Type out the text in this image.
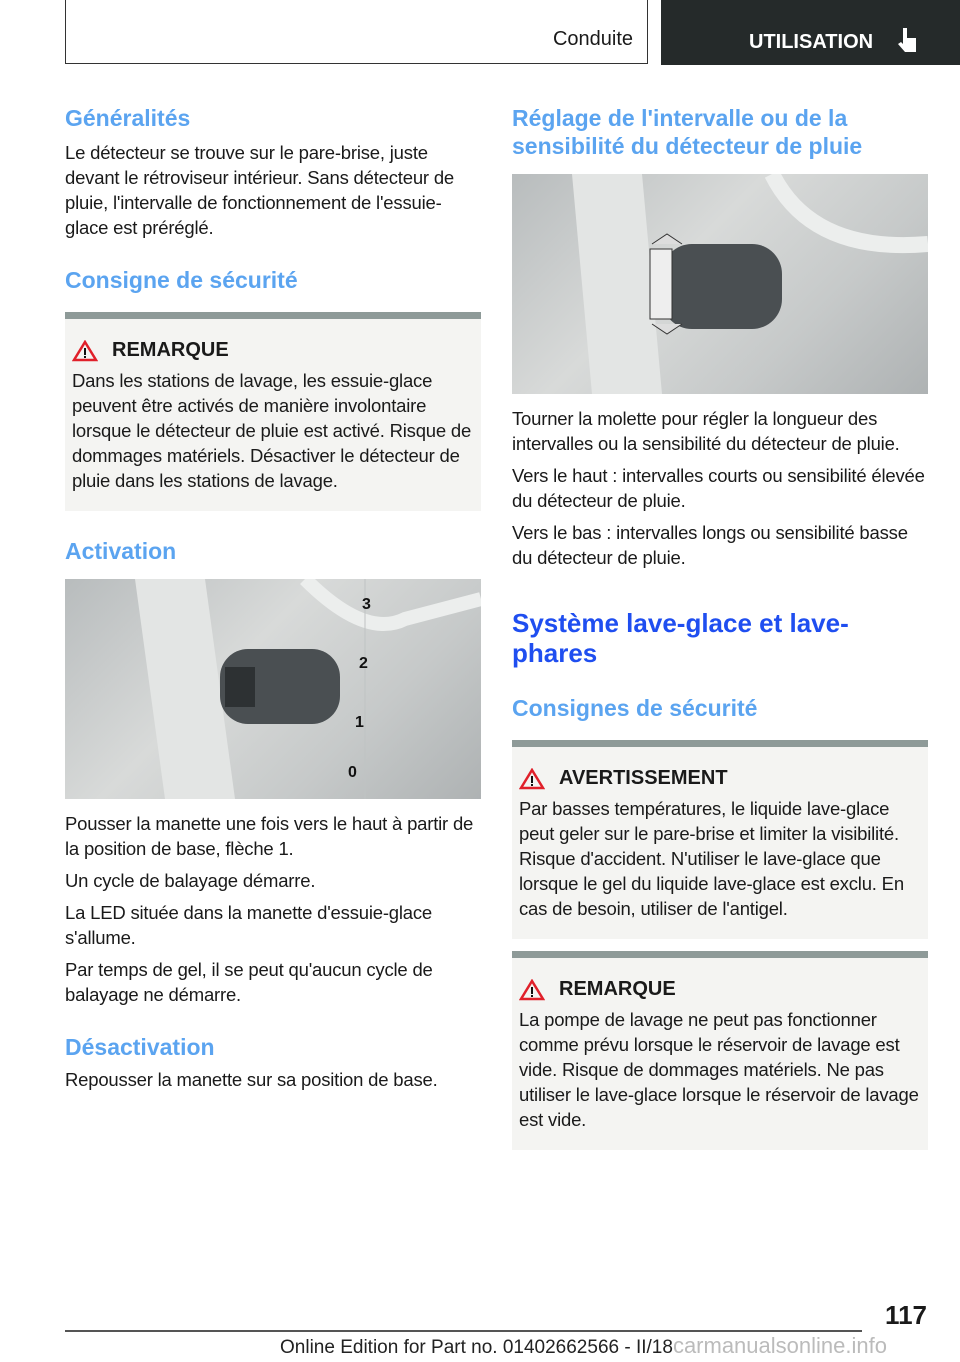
Conduite	UTILISATION
Généralités

Le détecteur se trouve sur le pare-brise, juste devant le rétroviseur intérieur. Sans détecteur de pluie, l'intervalle de fonctionnement de l'essuie-glace est préréglé.

Consigne de sécurité
REMARQUE

Dans les stations de lavage, les essuie-glace peuvent être activés de manière involontaire lorsque le détecteur de pluie est activé. Risque de dommages matériels. Désactiver le détecteur de pluie dans les stations de lavage.

Activation
3
2
1
0

Pousser la manette une fois vers le haut à partir de la position de base, flèche 1.

Un cycle de balayage démarre.

La LED située dans la manette d'essuie-glace s'allume.

Par temps de gel, il se peut qu'aucun cycle de balayage ne démarre.

Désactivation

Repousser la manette sur sa position de base.

Réglage de l'intervalle ou de la sensibilité du détecteur de pluie

Tourner la molette pour régler la longueur des intervalles ou la sensibilité du détecteur de pluie.

Vers le haut : intervalles courts ou sensibilité élevée du détecteur de pluie.

Vers le bas : intervalles longs ou sensibilité basse du détecteur de pluie.

Système lave-glace et lave-phares
Consignes de sécurité
AVERTISSEMENT

Par basses températures, le liquide lave-glace peut geler sur le pare-brise et limiter la visibilité. Risque d'accident. N'utiliser le lave-glace que lorsque le gel du liquide lave-glace est exclu. En cas de besoin, utiliser de l'antigel.

REMARQUE

La pompe de lavage ne peut pas fonctionner comme prévu lorsque le réservoir de lavage est vide. Risque de dommages matériels. Ne pas utiliser le lave-glace lorsque le réservoir de lavage est vide.

117
Online Edition for Part no. 01402662566 - II/18carmanualsonline.info
